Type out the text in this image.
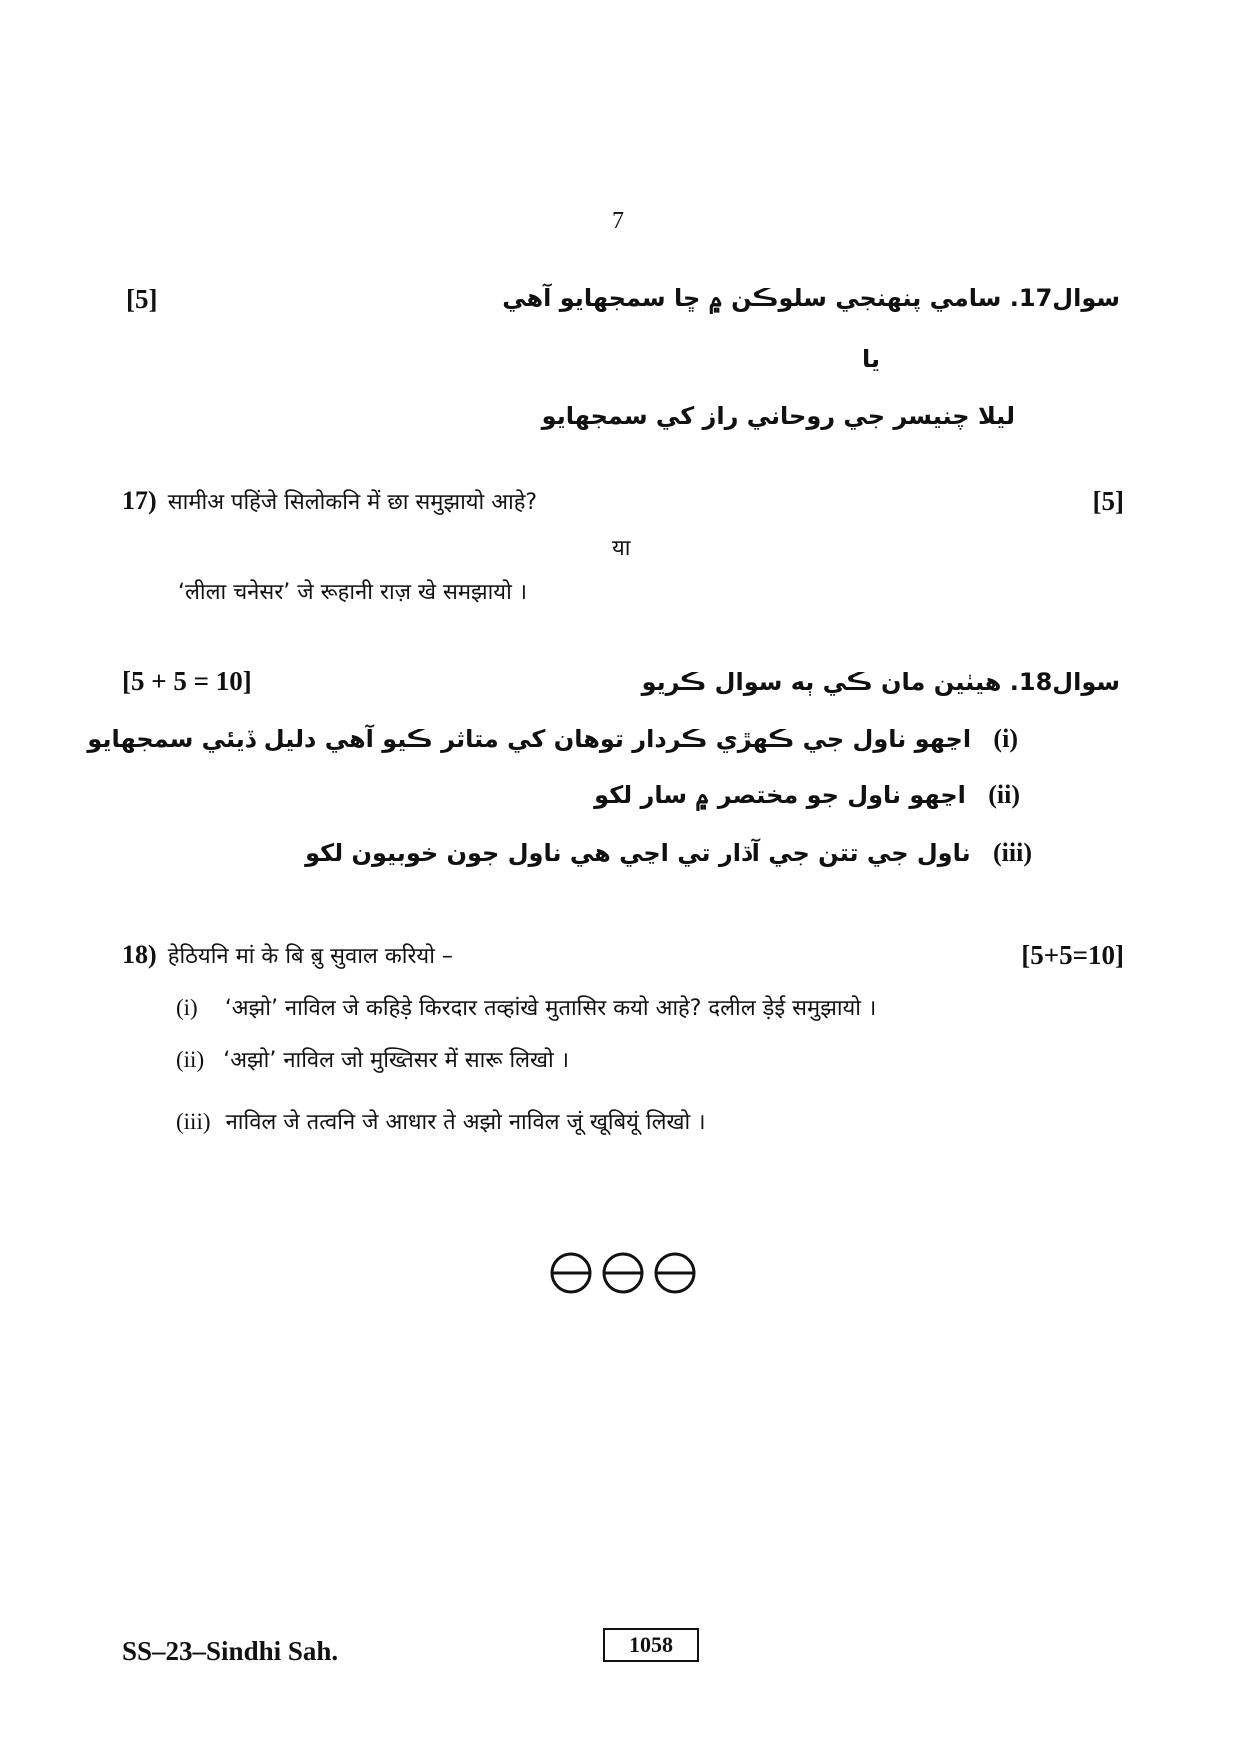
7
[5]	سوال17. سامي پنھنجي سلوڪن ۾ ڇا سمجھايو آھي
يا
ليلا چنيسر جي روحاني راز کي سمجھايو
17) सामीअ पहिंजे सिलोकनि में छा समुझायो आहे?	[5]
या
‘लीला चनेसर’ जे रूहानी राज़ खे समझायो ।
[5 + 5 = 10]	سوال18. ھيٺين مان ڪي ٻه سوال ڪريو
(i) اڃھو ناول جي ڪھڙي ڪردار توھان کي متاثر ڪيو آھي دليل ڏيئي سمجھايو
(ii) اڃھو ناول جو مختصر ۾ سار لکو
(iii) ناول جي تتن جي آڌار تي اڃي ھي ناول جون خوبيون لکو
18) हेठियनि मां के बि ब़ु सुवाल करियो –	[5+5=10]
(i) ‘अझो’ नाविल जे कहिड़े किरदार तव्हांखे मुतासिर कयो आहे? दलील ड़ेई समुझायो ।
(ii) ‘अझो’ नाविल जो मुख्तिसर में सारू लिखो ।
(iii) नाविल जे तत्वनि जे आधार ते अझो नाविल जूं खूबियूं लिखो ।
SS–23–Sindhi Sah.	1058
